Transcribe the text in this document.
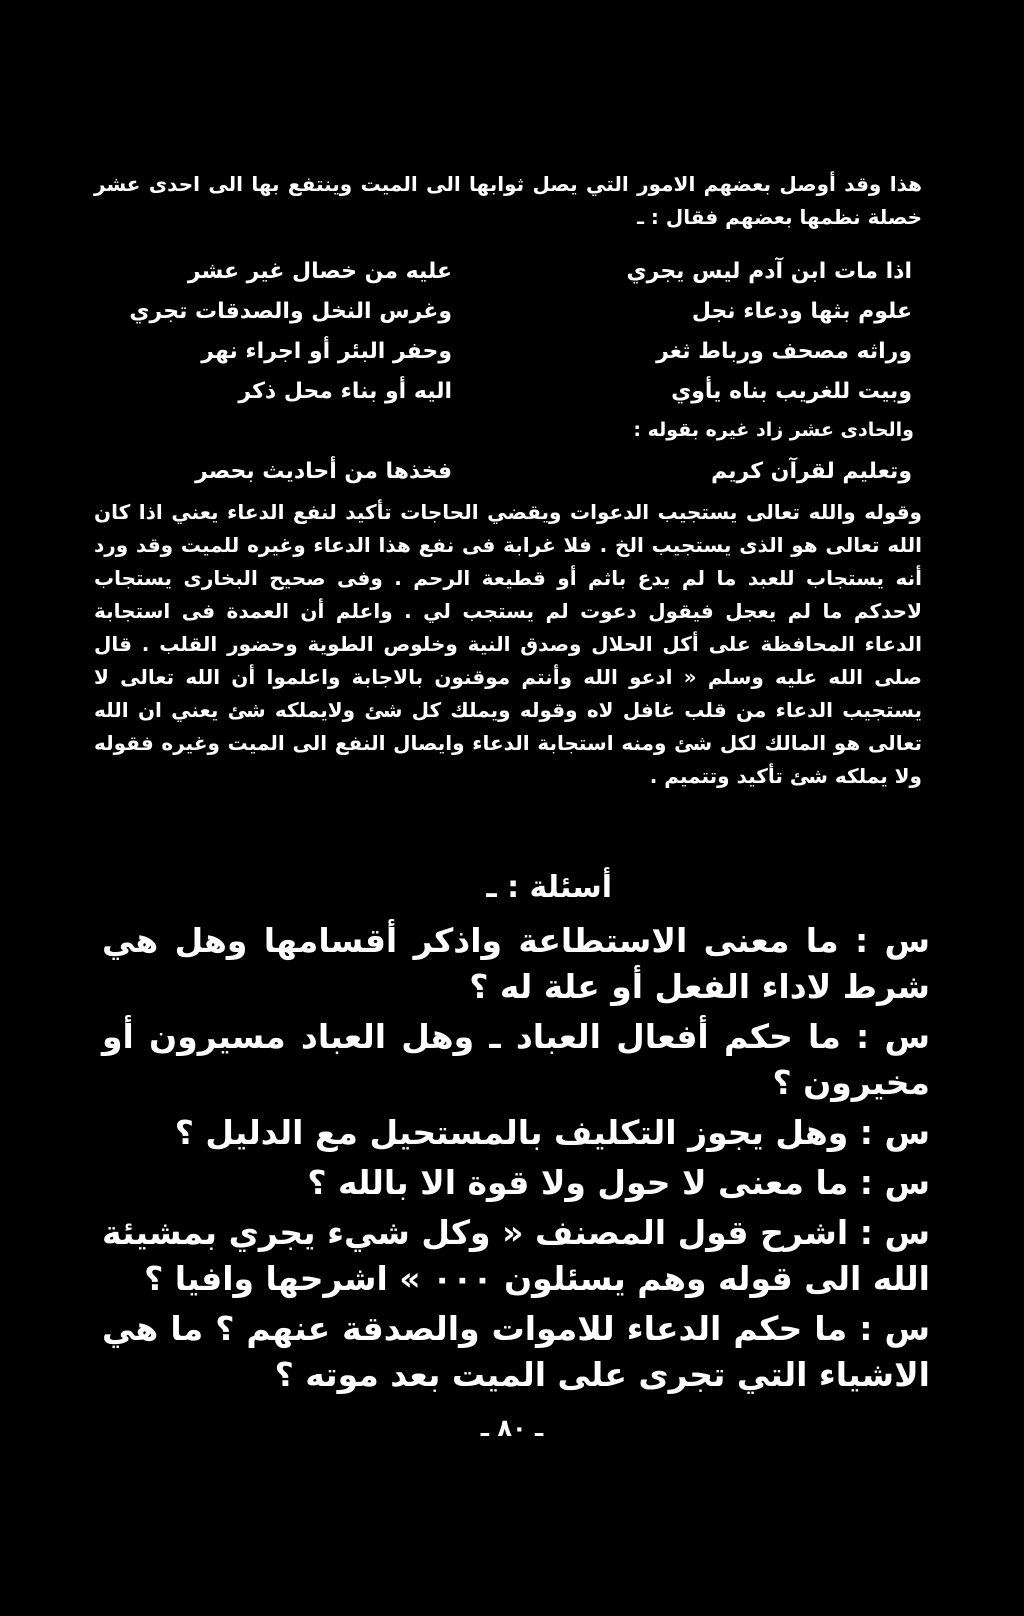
هذا وقد أوصل بعضهم الامور التي يصل ثوابها الى الميت وينتفع بها الى احدى عشر خصلة نظمها بعضهم فقال : ـ

اذا مات ابن آدم ليس يجري
عليه من خصال غير عشر
علوم بثها ودعاء نجل
وغرس النخل والصدقات تجري
وراثه مصحف ورباط ثغر
وحفر البئر أو اجراء نهر
وبيت للغريب بناه يأوي
اليه أو بناء محل ذكر
والحادى عشر زاد غيره بقوله :
وتعليم لقرآن كريم
فخذها من أحاديث بحصر

وقوله والله تعالى يستجيب الدعوات ويقضي الحاجات تأكيد لنفع الدعاء يعني اذا كان الله تعالى هو الذى يستجيب الخ . فلا غرابة فى نفع هذا الدعاء وغيره للميت وقد ورد أنه يستجاب للعبد ما لم يدع باثم أو قطيعة الرحم . وفى صحيح البخارى يستجاب لاحدكم ما لم يعجل فيقول دعوت لم يستجب لي . واعلم أن العمدة فى استجابة الدعاء المحافظة على أكل الحلال وصدق النية وخلوص الطوية وحضور القلب . قال صلى الله عليه وسلم « ادعو الله وأنتم موقنون بالاجابة واعلموا أن الله تعالى لا يستجيب الدعاء من قلب غافل لاه وقوله ويملك كل شئ ولايملكه شئ يعني ان الله تعالى هو المالك لكل شئ ومنه استجابة الدعاء وايصال النفع الى الميت وغيره فقوله ولا يملكه شئ تأكيد وتتميم .

أسئلة : ـ

س : ما معنى الاستطاعة واذكر أقسامها وهل هي شرط لاداء الفعل أو علة له ؟

س : ما حكم أفعال العباد ـ وهل العباد مسيرون أو مخيرون ؟

س : وهل يجوز التكليف بالمستحيل مع الدليل ؟

س : ما معنى لا حول ولا قوة الا بالله ؟

س : اشرح قول المصنف « وكل شيء يجري بمشيئة الله الى قوله وهم يسئلون ٠٠٠ » اشرحها وافيا ؟

س : ما حكم الدعاء للاموات والصدقة عنهم ؟ ما هي الاشياء التي تجرى على الميت بعد موته ؟

ـ ٨٠ ـ
